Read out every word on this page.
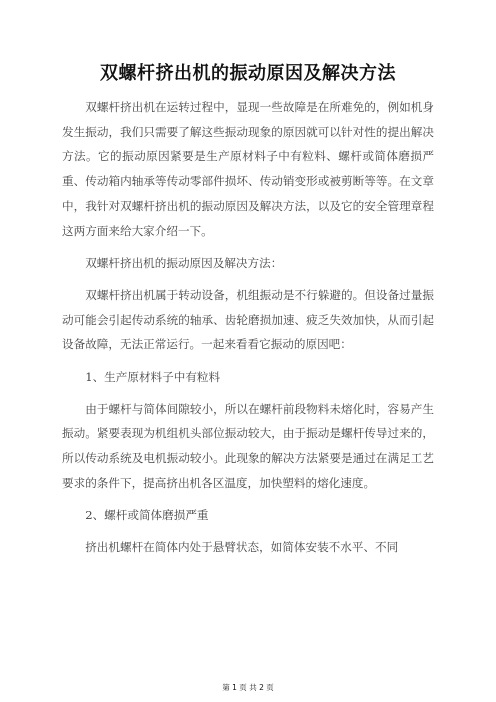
双螺杆挤出机的振动原因及解决方法

双螺杆挤出机在运转过程中，显现一些故障是在所难免的，例如机身发生振动，我们只需要了解这些振动现象的原因就可以针对性的提出解决方法。它的振动原因紧要是生产原材料子中有粒料、螺杆或简体磨损严重、传动箱内轴承等传动零部件损坏、传动销变形或被剪断等等。在文章中，我针对双螺杆挤出机的振动原因及解决方法，以及它的安全管理章程这两方面来给大家介绍一下。

双螺杆挤出机的振动原因及解决方法：

双螺杆挤出机属于转动设备，机组振动是不行躲避的。但设备过量振动可能会引起传动系统的轴承、齿轮磨损加速、疲乏失效加快，从而引起设备故障，无法正常运行。一起来看看它振动的原因吧：

1、生产原材料子中有粒料

由于螺杆与简体间隙较小，所以在螺杆前段物料未熔化时，容易产生振动。紧要表现为机组机头部位振动较大，由于振动是螺杆传导过来的，所以传动系统及电机振动较小。此现象的解决方法紧要是通过在满足工艺要求的条件下，提高挤出机各区温度，加快塑料的熔化速度。

2、螺杆或简体磨损严重

挤出机螺杆在简体内处于悬臂状态，如简体安装不水平、不同

第 1 页 共 2 页
